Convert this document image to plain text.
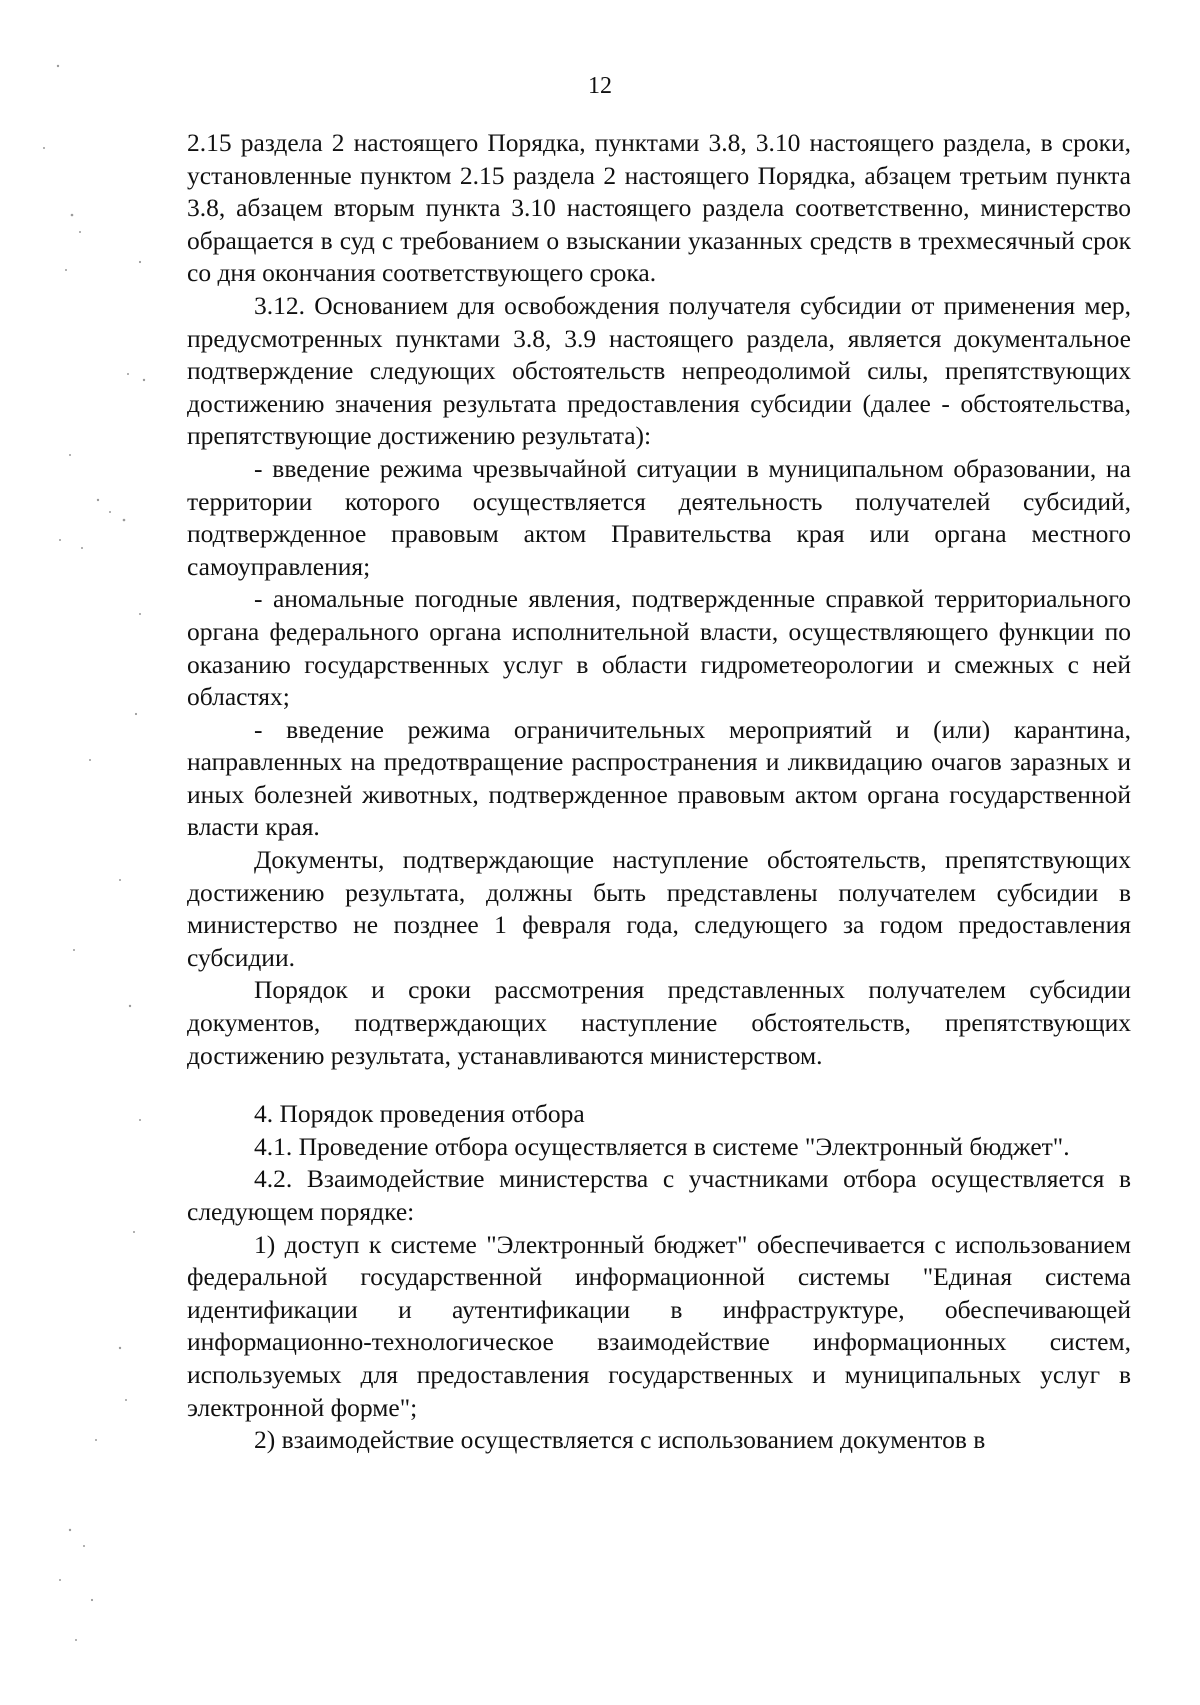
12

2.15 раздела 2 настоящего Порядка, пунктами 3.8, 3.10 настоящего раздела, в сроки, установленные пунктом 2.15 раздела 2 настоящего Порядка, абзацем третьим пункта 3.8, абзацем вторым пункта 3.10 настоящего раздела соответственно, министерство обращается в суд с требованием о взыскании указанных средств в трехмесячный срок со дня окончания соответствующего срока.

3.12. Основанием для освобождения получателя субсидии от применения мер, предусмотренных пунктами 3.8, 3.9 настоящего раздела, является документальное подтверждение следующих обстоятельств непреодолимой силы, препятствующих достижению значения результата предоставления субсидии (далее - обстоятельства, препятствующие достижению результата):

- введение режима чрезвычайной ситуации в муниципальном образовании, на территории которого осуществляется деятельность получателей субсидий, подтвержденное правовым актом Правительства края или органа местного самоуправления;

- аномальные погодные явления, подтвержденные справкой территориального органа федерального органа исполнительной власти, осуществляющего функции по оказанию государственных услуг в области гидрометеорологии и смежных с ней областях;

- введение режима ограничительных мероприятий и (или) карантина, направленных на предотвращение распространения и ликвидацию очагов заразных и иных болезней животных, подтвержденное правовым актом органа государственной власти края.

Документы, подтверждающие наступление обстоятельств, препятствующих достижению результата, должны быть представлены получателем субсидии в министерство не позднее 1 февраля года, следующего за годом предоставления субсидии.

Порядок и сроки рассмотрения представленных получателем субсидии документов, подтверждающих наступление обстоятельств, препятствующих достижению результата, устанавливаются министерством.

4. Порядок проведения отбора

4.1. Проведение отбора осуществляется в системе "Электронный бюджет".

4.2. Взаимодействие министерства с участниками отбора осуществляется в следующем порядке:

1) доступ к системе "Электронный бюджет" обеспечивается с использованием федеральной государственной информационной системы "Единая система идентификации и аутентификации в инфраструктуре, обеспечивающей информационно-технологическое взаимодействие информационных систем, используемых для предоставления государственных и муниципальных услуг в электронной форме";

2) взаимодействие осуществляется с использованием документов в
